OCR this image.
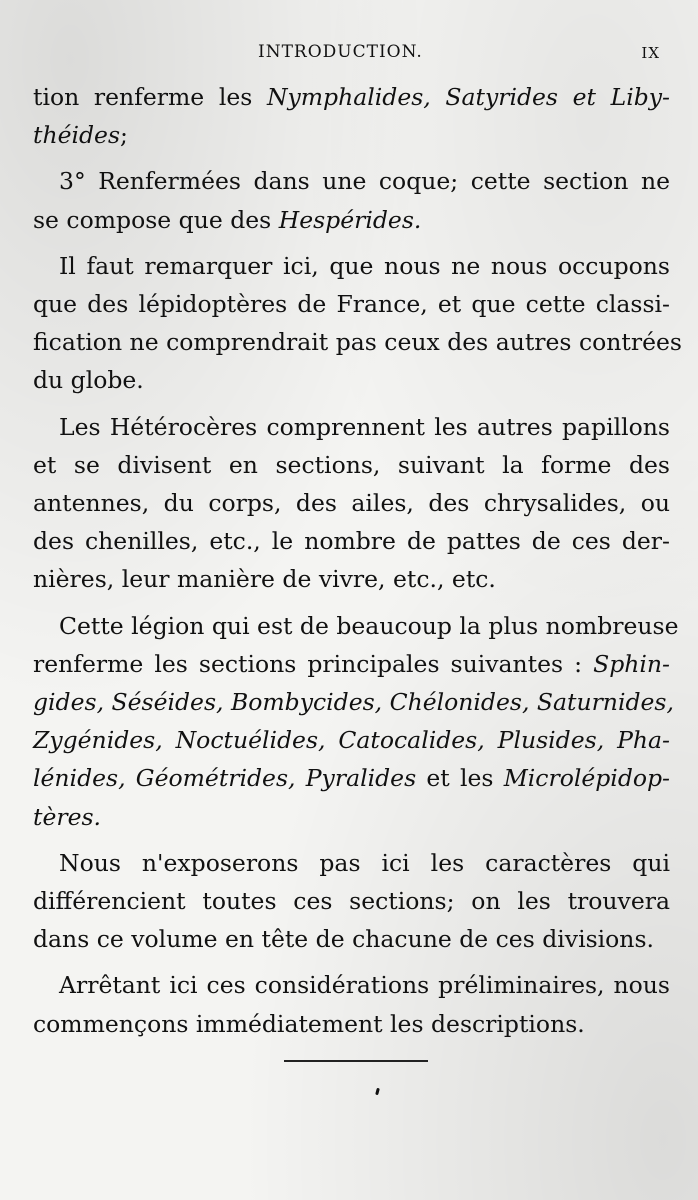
INTRODUCTION.	IX
tion renferme les Nymphalides, Satyrides et Liby-
théides;
3° Renfermées dans une coque; cette section ne
se compose que des Hespérides.
Il faut remarquer ici, que nous ne nous occupons
que des lépidoptères de France, et que cette classi-
fication ne comprendrait pas ceux des autres contrées
du globe.
Les Hétérocères comprennent les autres papillons
et se divisent en sections, suivant la forme des
antennes, du corps, des ailes, des chrysalides, ou
des chenilles, etc., le nombre de pattes de ces der-
nières, leur manière de vivre, etc., etc.
Cette légion qui est de beaucoup la plus nombreuse
renferme les sections principales suivantes : Sphin-
gides, Séséides, Bombycides, Chélonides, Saturnides,
Zygénides, Noctuélides, Catocalides, Plusides, Pha-
lénides, Géométrides, Pyralides et les Microlépidop-
tères.
Nous n'exposerons pas ici les caractères qui
différencient toutes ces sections; on les trouvera
dans ce volume en tête de chacune de ces divisions.
Arrêtant ici ces considérations préliminaires, nous
commençons immédiatement les descriptions.
